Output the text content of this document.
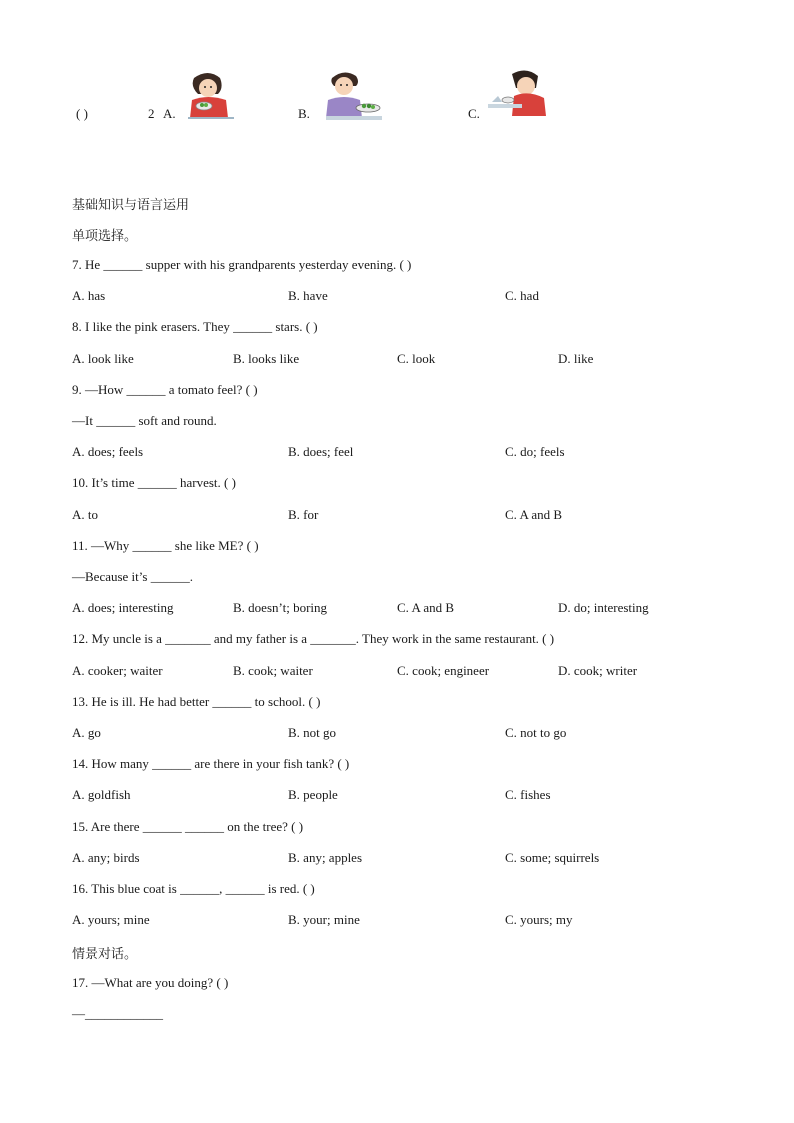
( )	2 A.	B.	C.
基础知识与语言运用
单项选择。
7. He ______ supper with his grandparents yesterday evening. ( )
A. has	B. have	C. had
8. I like the pink erasers. They ______ stars. ( )
A. look like	B. looks like	C. look	D. like
9. —How ______ a tomato feel? ( )
—It ______ soft and round.
A. does; feels	B. does; feel	C. do; feels
10. It’s time ______ harvest. ( )
A. to	B. for	C. A and B
11. —Why ______ she like ME? ( )
—Because it’s ______.
A. does; interesting	B. doesn’t; boring	C. A and B	D. do; interesting
12. My uncle is a _______ and my father is a _______. They work in the same restaurant. ( )
A. cooker; waiter	B. cook; waiter	C. cook; engineer	D. cook; writer
13. He is ill. He had better ______ to school. ( )
A. go	B. not go	C. not to go
14. How many ______ are there in your fish tank? ( )
A. goldfish	B. people	C. fishes
15. Are there ______ ______ on the tree? ( )
A. any; birds	B. any; apples	C. some; squirrels
16. This blue coat is ______, ______ is red. ( )
A. yours; mine	B. your; mine	C. yours; my
情景对话。
17. —What are you doing? ( )
—____________
